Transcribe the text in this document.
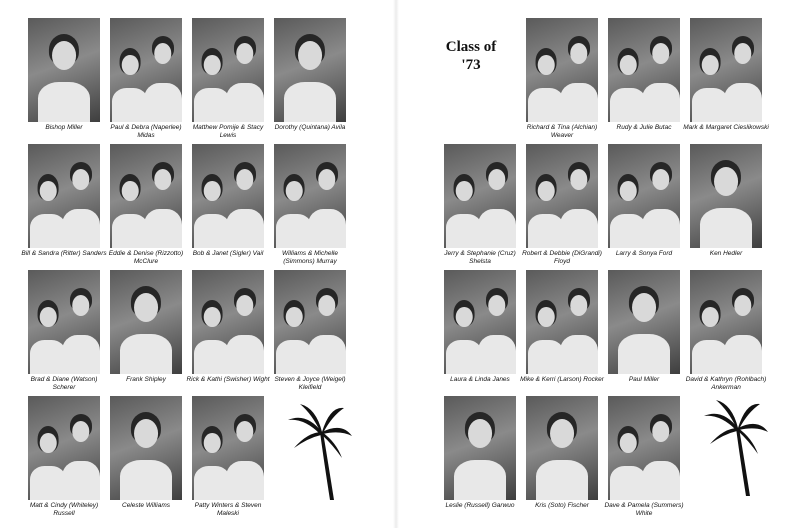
Bishop Miller	Paul & Debra (Naperlee) Midas
Matthew Pomije & Stacy Lewis
Dorothy (Quintana) Avila
Bill & Sandra (Ritter) Sanders Eddie & Denise (Rizzotto) McClure
Bob & Janet (Sigler) Vail	Williams & Michelle (Simmons) Murray
Brad & Diane (Watson) Scherer
Frank Shipley	Rick & Kathi (Swisher) Wight Steven & Joyce (Weigel) Kleifield
Matt & Cindy (Whiteley) Russell
Celeste Williams	Patty Winters & Steven Maleski
Class of '73
Richard & Tina (Alchian) Weaver
Rudy & Julie Butac	Mark & Margaret Cieslikowski
Jerry & Stephanie (Cruz) Shelsta
Robert & Debbie (DiGrandi) Floyd
Larry & Sonya Ford	Ken Hedler
Laura & Linda Janes	Mike & Kerri (Larson) Rocker	Paul Miller	David & Kathryn (Rohlbach) Ankerman
Leslie (Russell) Garwuo	Kris (Soto) Fischer	Dave & Pamela (Summers) White
